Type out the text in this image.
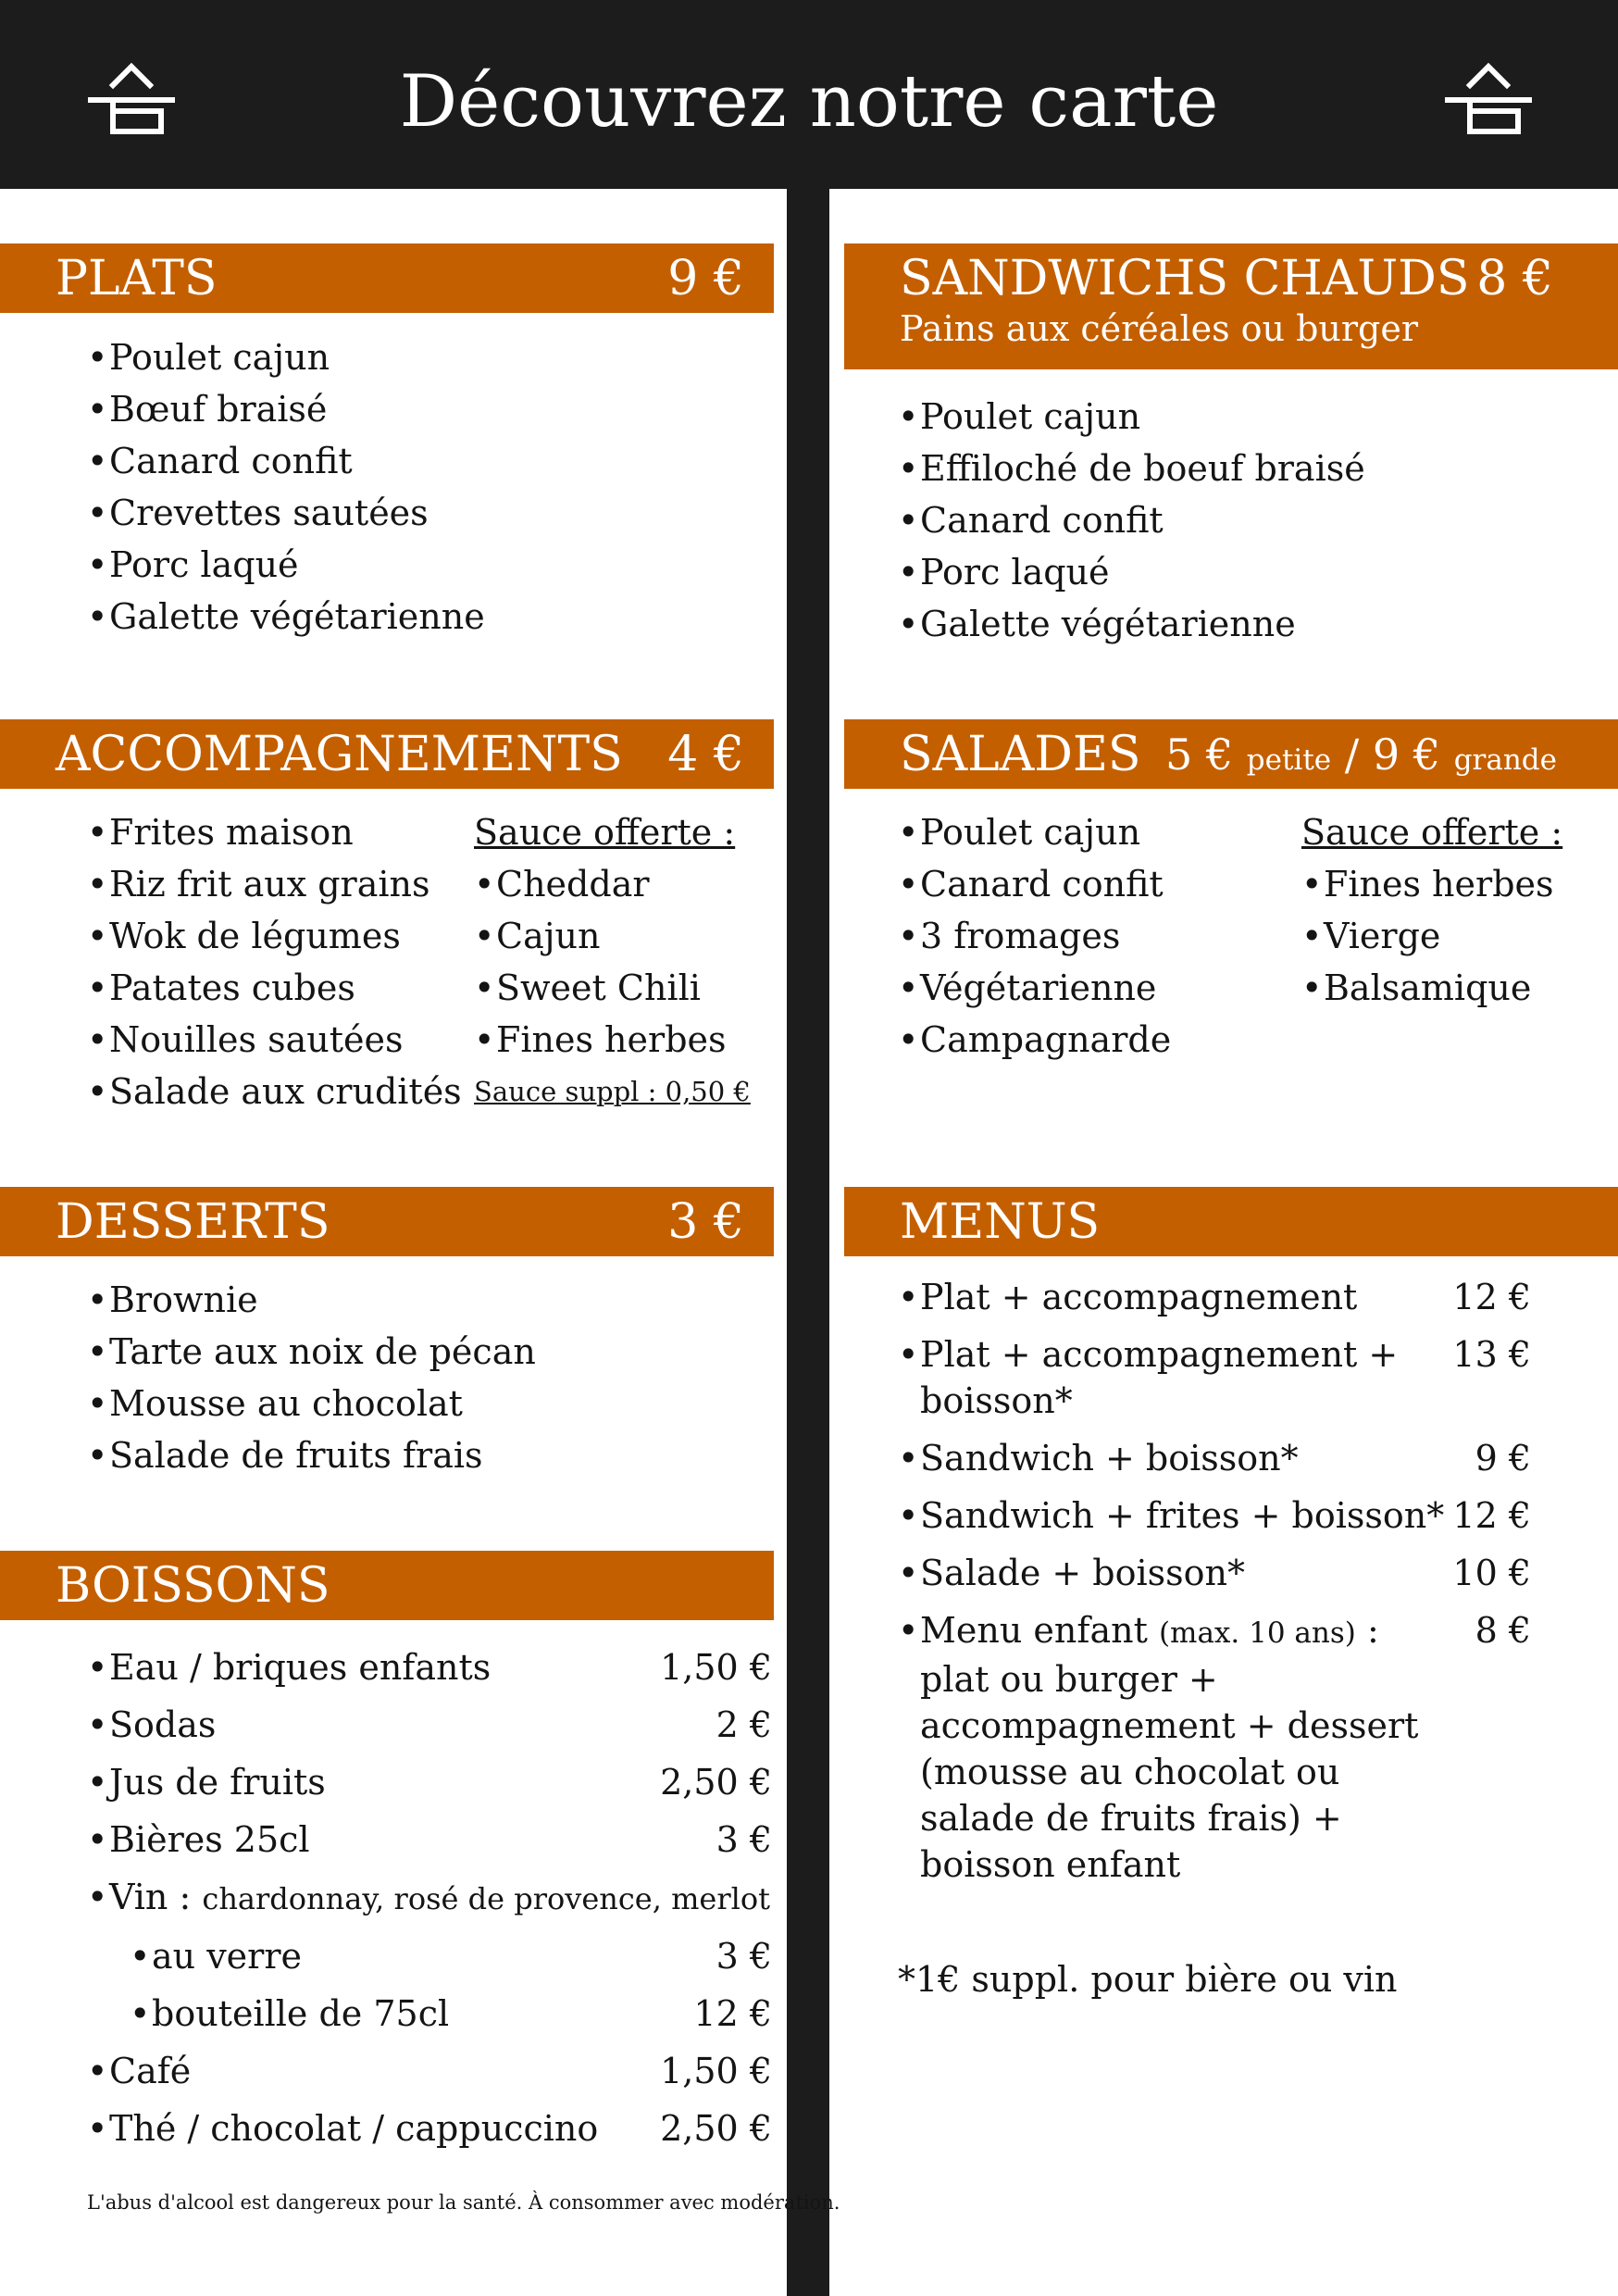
Découvrez notre carte
PLATS	9 €
• Poulet cajun
• Bœuf braisé
• Canard confit
• Crevettes sautées
• Porc laqué
• Galette végétarienne
SANDWICHS CHAUDS 8 €
Pains aux céréales ou burger
• Poulet cajun
• Effiloché de boeuf braisé
• Canard confit
• Porc laqué
• Galette végétarienne
ACCOMPAGNEMENTS 4 €
• Frites maison
• Riz frit aux grains
• Wok de légumes
• Patates cubes
• Nouilles sautées
• Salade aux crudités
Sauce offerte :
• Cheddar
• Cajun
• Sweet Chili
• Fines herbes
Sauce suppl : 0,50 €
SALADES 5 € petite / 9 € grande
• Poulet cajun
• Canard confit
• 3 fromages
• Végétarienne
• Campagnarde
Sauce offerte :
• Fines herbes
• Vierge
• Balsamique
DESSERTS	3 €
• Brownie
• Tarte aux noix de pécan
• Mousse au chocolat
• Salade de fruits frais
MENUS
• Plat + accompagnement	12 €
• Plat + accompagnement +
boisson*
13 €
• Sandwich + boisson*	9 €
• Sandwich + frites + boisson* 12 €
• Salade + boisson*	10 €
• Menu enfant (max. 10 ans) :
plat ou burger +
accompagnement + dessert
(mousse au chocolat ou
salade de fruits frais) +
boisson enfant
8 €
*1€ suppl. pour bière ou vin
BOISSONS
• Eau / briques enfants	1,50 €
• Sodas	2 €
• Jus de fruits	2,50 €
• Bières 25cl	3 €
• Vin : chardonnay, rosé de provence, merlot
• au verre	3 €
• bouteille de 75cl	12 €
• Café	1,50 €
• Thé / chocolat / cappuccino 2,50 €
L'abus d'alcool est dangereux pour la santé. À consommer avec modération.
